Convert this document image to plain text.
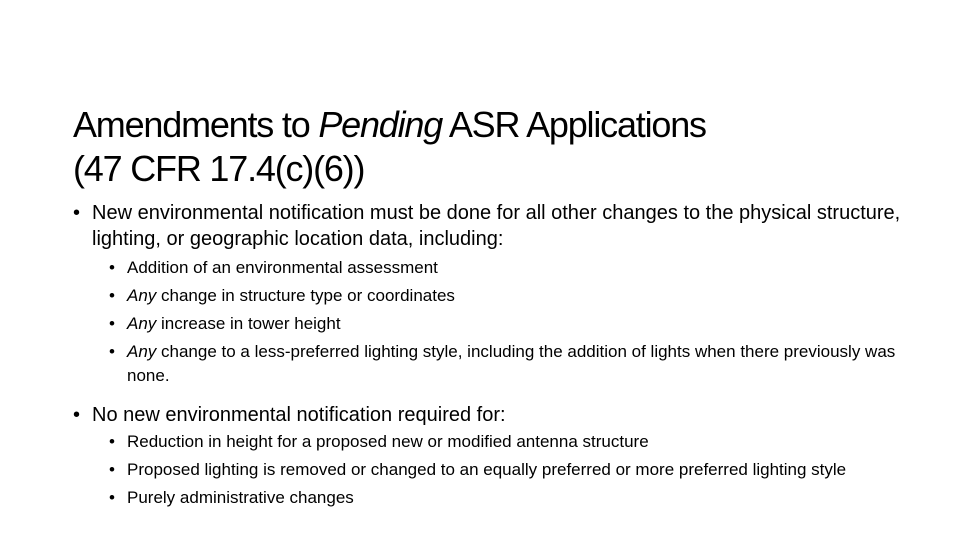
Amendments to Pending ASR Applications
(47 CFR 17.4(c)(6))
• New environmental notification must be done for all other changes to the physical structure, lighting, or geographic location data, including:
• Addition of an environmental assessment
• Any change in structure type or coordinates
• Any increase in tower height
• Any change to a less-preferred lighting style, including the addition of lights when there previously was none.
• No new environmental notification required for:
• Reduction in height for a proposed new or modified antenna structure
• Proposed lighting is removed or changed to an equally preferred or more preferred lighting style
• Purely administrative changes
